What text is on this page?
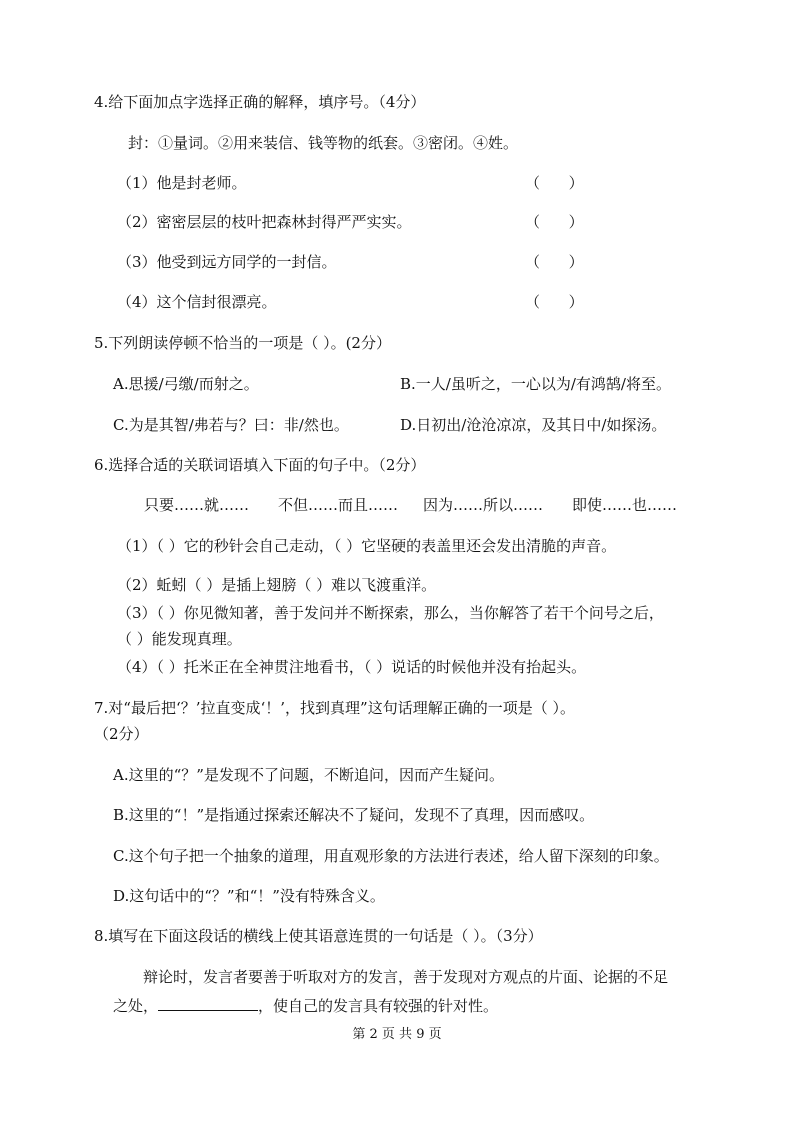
4.给下面加点字选择正确的解释，填序号。（4分）
封：①量词。②用来装信、钱等物的纸套。③密闭。④姓。
（1）他是封老师。	（      ）
（2）密密层层的枝叶把森林封得严严实实。	（      ）
（3）他受到远方同学的一封信。	（      ）
（4）这个信封很漂亮。	（      ）
5.下列朗读停顿不恰当的一项是（ ）。(2分）
A.思援/弓缴/而射之。	B.一人/虽听之，一心以为/有鸿鹄/将至。
C.为是其智/弗若与？曰：非/然也。	D.日初出/沧沧凉凉，及其日中/如探汤。
6.选择合适的关联词语填入下面的句子中。（2分）
只要……就…… 不但……而且…… 因为……所以…… 即使……也……
（1）（ ）它的秒针会自己走动，（ ）它坚硬的表盖里还会发出清脆的声音。
（2）蚯蚓（ ）是插上翅膀（ ）难以飞渡重洋。
（3）（ ）你见微知著，善于发问并不断探索，那么，当你解答了若干个问号之后，
（ ）能发现真理。
（4）（ ）托米正在全神贯注地看书，（ ）说话的时候他并没有抬起头。
7.对“最后把‘？’拉直变成‘！’，找到真理”这句话理解正确的一项是（ ）。
（2分）
A.这里的“？”是发现不了问题，不断追问，因而产生疑问。
B.这里的“！”是指通过探索还解决不了疑问，发现不了真理，因而感叹。
C.这个句子把一个抽象的道理，用直观形象的方法进行表述，给人留下深刻的印象。
D.这句话中的“？”和“！”没有特殊含义。
8.填写在下面这段话的横线上使其语意连贯的一句话是（ ）。（3分）
辩论时，发言者要善于听取对方的发言，善于发现对方观点的片面、论据的不足
之处，	，使自己的发言具有较强的针对性。
第 2 页 共 9 页
